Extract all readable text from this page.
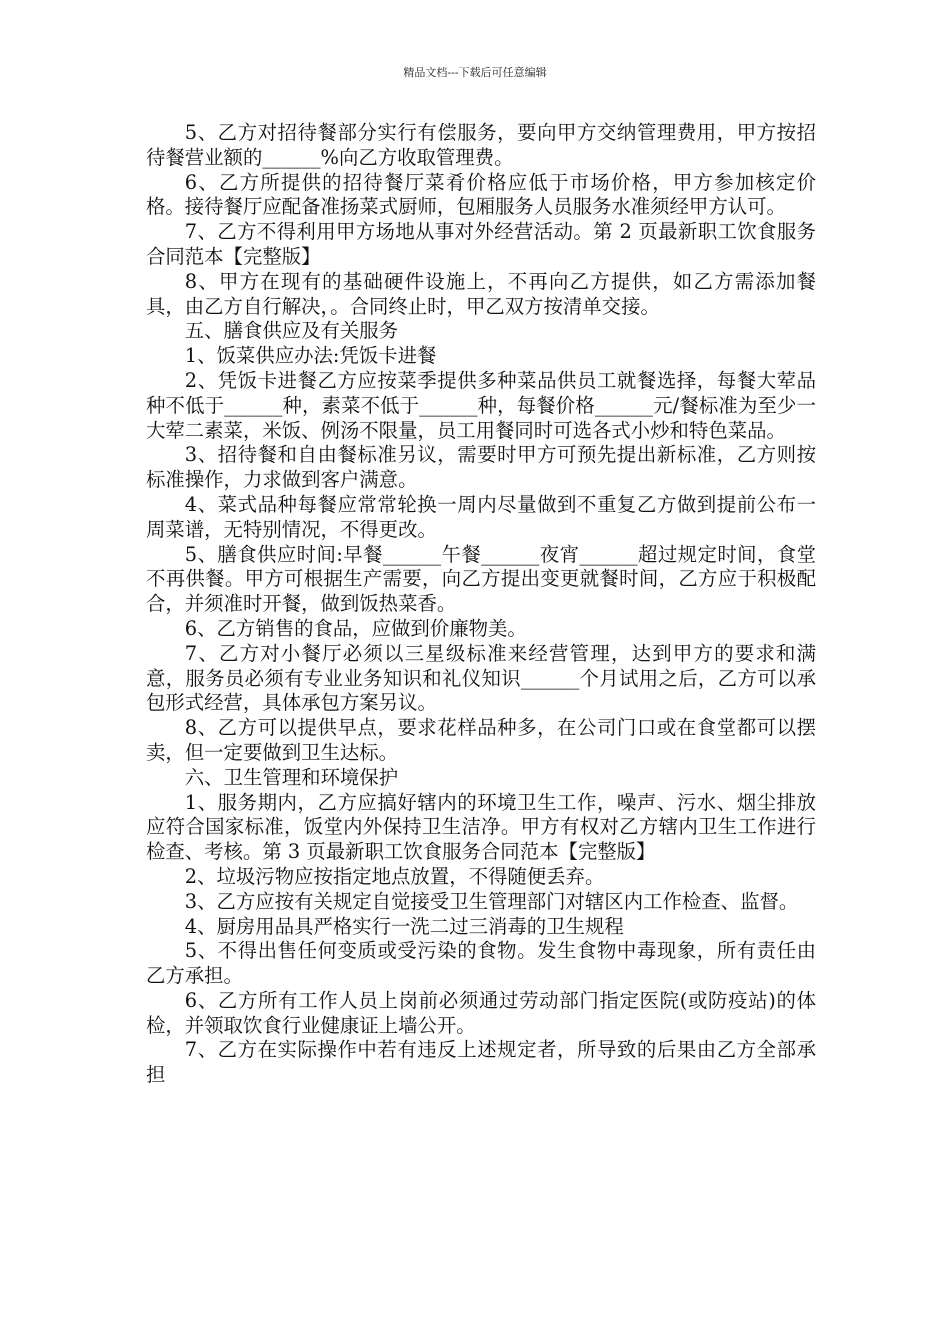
精品文档---下载后可任意编辑

5、乙方对招待餐部分实行有偿服务，要向甲方交纳管理费用，甲方按招待餐营业额的______%向乙方收取管理费。

6、乙方所提供的招待餐厅菜肴价格应低于市场价格，甲方参加核定价格。接待餐厅应配备准扬菜式厨师，包厢服务人员服务水准须经甲方认可。

7、乙方不得利用甲方场地从事对外经营活动。第 2 页最新职工饮食服务合同范本【完整版】

8、甲方在现有的基础硬件设施上，不再向乙方提供，如乙方需添加餐具，由乙方自行解决，。合同终止时，甲乙双方按清单交接。

五、膳食供应及有关服务

1、饭菜供应办法:凭饭卡进餐

2、凭饭卡进餐乙方应按菜季提供多种菜品供员工就餐选择，每餐大荤品种不低于______种，素菜不低于______种，每餐价格______元/餐标准为至少一大荤二素菜，米饭、例汤不限量，员工用餐同时可选各式小炒和特色菜品。

3、招待餐和自由餐标准另议，需要时甲方可预先提出新标准，乙方则按标准操作，力求做到客户满意。

4、菜式品种每餐应常常轮换一周内尽量做到不重复乙方做到提前公布一周菜谱，无特别情况，不得更改。

5、膳食供应时间:早餐______午餐______夜宵______超过规定时间，食堂不再供餐。甲方可根据生产需要，向乙方提出变更就餐时间，乙方应于积极配合，并须准时开餐，做到饭热菜香。

6、乙方销售的食品，应做到价廉物美。

7、乙方对小餐厅必须以三星级标准来经营管理，达到甲方的要求和满意，服务员必须有专业业务知识和礼仪知识______个月试用之后，乙方可以承包形式经营，具体承包方案另议。

8、乙方可以提供早点，要求花样品种多，在公司门口或在食堂都可以摆卖，但一定要做到卫生达标。

六、卫生管理和环境保护

1、服务期内，乙方应搞好辖内的环境卫生工作，噪声、污水、烟尘排放应符合国家标准，饭堂内外保持卫生洁净。甲方有权对乙方辖内卫生工作进行检查、考核。第 3 页最新职工饮食服务合同范本【完整版】

2、垃圾污物应按指定地点放置，不得随便丢弃。

3、乙方应按有关规定自觉接受卫生管理部门对辖区内工作检查、监督。

4、厨房用品具严格实行一洗二过三消毒的卫生规程

5、不得出售任何变质或受污染的食物。发生食物中毒现象，所有责任由乙方承担。

6、乙方所有工作人员上岗前必须通过劳动部门指定医院(或防疫站)的体检，并领取饮食行业健康证上墙公开。

7、乙方在实际操作中若有违反上述规定者，所导致的后果由乙方全部承担
